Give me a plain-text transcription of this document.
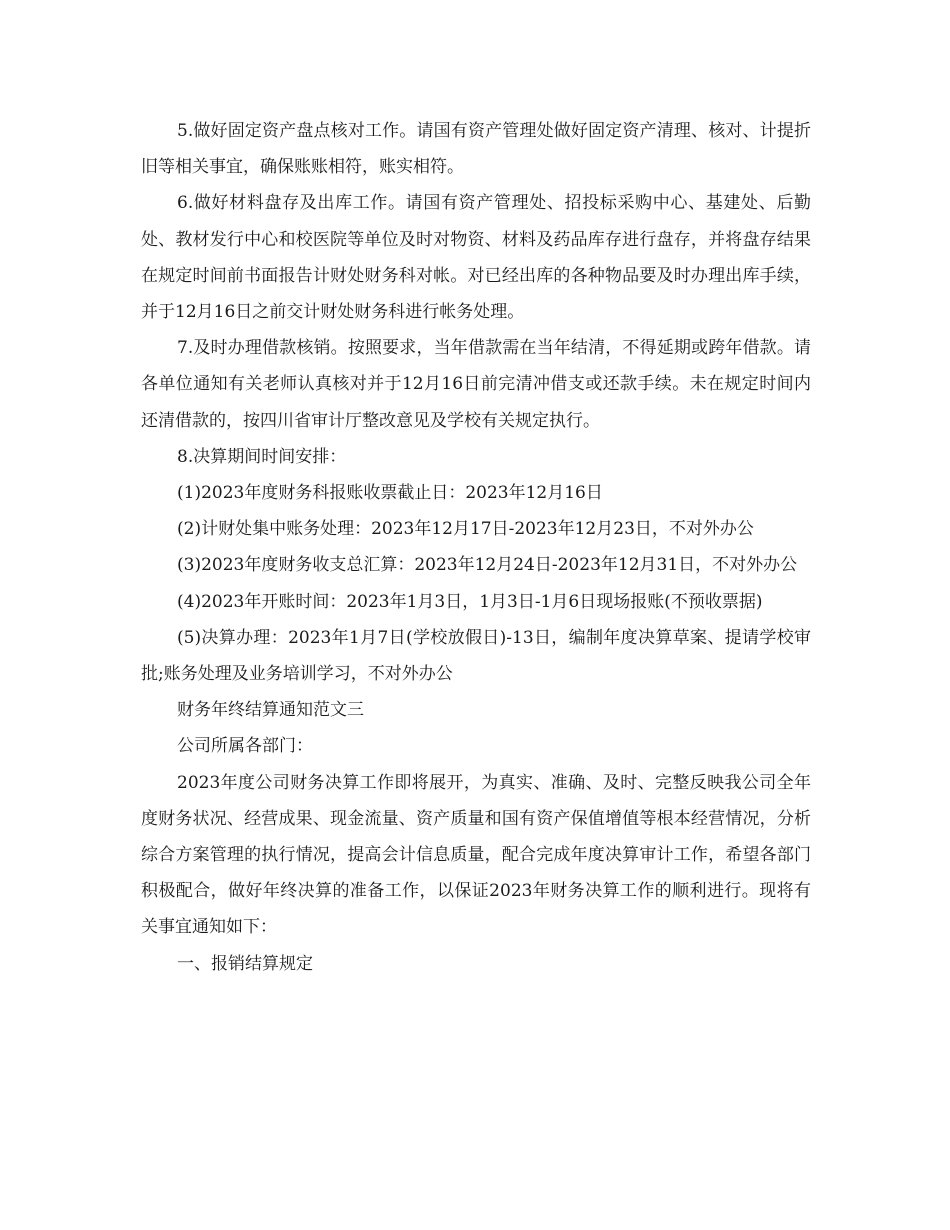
5.做好固定资产盘点核对工作。请国有资产管理处做好固定资产清理、核对、计提折旧等相关事宜，确保账账相符，账实相符。

6.做好材料盘存及出库工作。请国有资产管理处、招投标采购中心、基建处、后勤处、教材发行中心和校医院等单位及时对物资、材料及药品库存进行盘存，并将盘存结果在规定时间前书面报告计财处财务科对帐。对已经出库的各种物品要及时办理出库手续，并于12月16日之前交计财处财务科进行帐务处理。

7.及时办理借款核销。按照要求，当年借款需在当年结清，不得延期或跨年借款。请各单位通知有关老师认真核对并于12月16日前完清冲借支或还款手续。未在规定时间内还清借款的，按四川省审计厅整改意见及学校有关规定执行。

8.决算期间时间安排：

(1)2023年度财务科报账收票截止日：2023年12月16日

(2)计财处集中账务处理：2023年12月17日-2023年12月23日，不对外办公

(3)2023年度财务收支总汇算：2023年12月24日-2023年12月31日，不对外办公

(4)2023年开账时间：2023年1月3日，1月3日-1月6日现场报账(不预收票据)

(5)决算办理：2023年1月7日(学校放假日)-13日，编制年度决算草案、提请学校审批;账务处理及业务培训学习，不对外办公

财务年终结算通知范文三

公司所属各部门：

2023年度公司财务决算工作即将展开，为真实、准确、及时、完整反映我公司全年度财务状况、经营成果、现金流量、资产质量和国有资产保值增值等根本经营情况，分析综合方案管理的执行情况，提高会计信息质量，配合完成年度决算审计工作，希望各部门积极配合，做好年终决算的准备工作，以保证2023年财务决算工作的顺利进行。现将有关事宜通知如下：

一、报销结算规定
